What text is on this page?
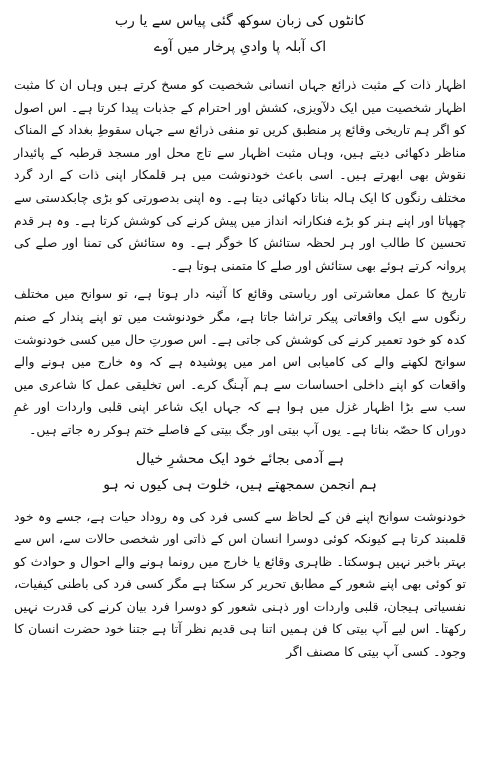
کانٹوں کی زبان سوکھ گئی پیاس سے یا رب
اک آبلہ پا وادیِ پرخار میں آوے

اظہار ذات کے مثبت ذرائع جہاں انسانی شخصیت کو مسخ کرتے ہیں وہاں ان کا مثبت اظہار شخصیت میں ایک دلآویزی، کشش اور احترام کے جذبات پیدا کرتا ہے۔ اس اصول کو اگر ہم تاریخی وقائع پر منطبق کریں تو منفی ذرائع سے جہاں سقوطِ بغداد کے المناک مناظر دکھائی دیتے ہیں، وہاں مثبت اظہار سے تاج محل اور مسجد قرطبہ کے پائیدار نقوش بھی ابھرتے ہیں۔ اسی باعث خودنوشت میں ہر قلمکار اپنی ذات کے ارد گرد مختلف رنگوں کا ایک ہالہ بناتا دکھائی دیتا ہے۔ وہ اپنی بدصورتی کو بڑی چابکدستی سے چھپاتا اور اپنے ہنر کو بڑے فنکارانہ انداز میں پیش کرنے کی کوشش کرتا ہے۔ وہ ہر قدم تحسین کا طالب اور ہر لحظہ ستائش کا خوگر ہے۔ وہ ستائش کی تمنا اور صلے کی پروانہ کرتے ہوئے بھی ستائش اور صلے کا متمنی ہوتا ہے۔

تاریخ کا عمل معاشرتی اور ریاستی وقائع کا آئینہ دار ہوتا ہے، تو سوانح میں مختلف رنگوں سے ایک واقعاتی پیکر تراشا جاتا ہے، مگر خودنوشت میں تو اپنے پندار کے صنم کدہ کو خود تعمیر کرنے کی کوشش کی جاتی ہے۔ اس صورتِ حال میں کسی خودنوشت سوانح لکھنے والے کی کامیابی اس امر میں پوشیدہ ہے کہ وہ خارج میں ہونے والے واقعات کو اپنے داخلی احساسات سے ہم آہنگ کرے۔ اس تخلیقی عمل کا شاعری میں سب سے بڑا اظہار غزل میں ہوا ہے کہ جہاں ایک شاعر اپنی قلبی واردات اور غمِ دوراں کا حصّہ بناتا ہے۔ یوں آپ بیتی اور جگ بیتی کے فاصلے ختم ہوکر رہ جاتے ہیں۔

ہے آدمی بجائے خود ایک محشرِ خیال
ہم انجمن سمجھتے ہیں، خلوت ہی کیوں نہ ہو

خودنوشت سوانح اپنے فن کے لحاظ سے کسی فرد کی وہ روداد حیات ہے، جسے وہ خود قلمبند کرتا ہے کیونکہ کوئی دوسرا انسان اس کے ذاتی اور شخصی حالات سے، اس سے بہتر باخبر نہیں ہوسکتا۔ ظاہری وقائع یا خارج میں رونما ہونے والے احوال و حوادث کو تو کوئی بھی اپنے شعور کے مطابق تحریر کر سکتا ہے مگر کسی فرد کی باطنی کیفیات، نفسیاتی ہیجان، قلبی واردات اور ذہنی شعور کو دوسرا فرد بیان کرنے کی قدرت نہیں رکھتا۔ اس لیے آپ بیتی کا فن ہمیں اتنا ہی قدیم نظر آتا ہے جتنا خود حضرت انسان کا وجود۔ کسی آپ بیتی کا مصنف اگر
